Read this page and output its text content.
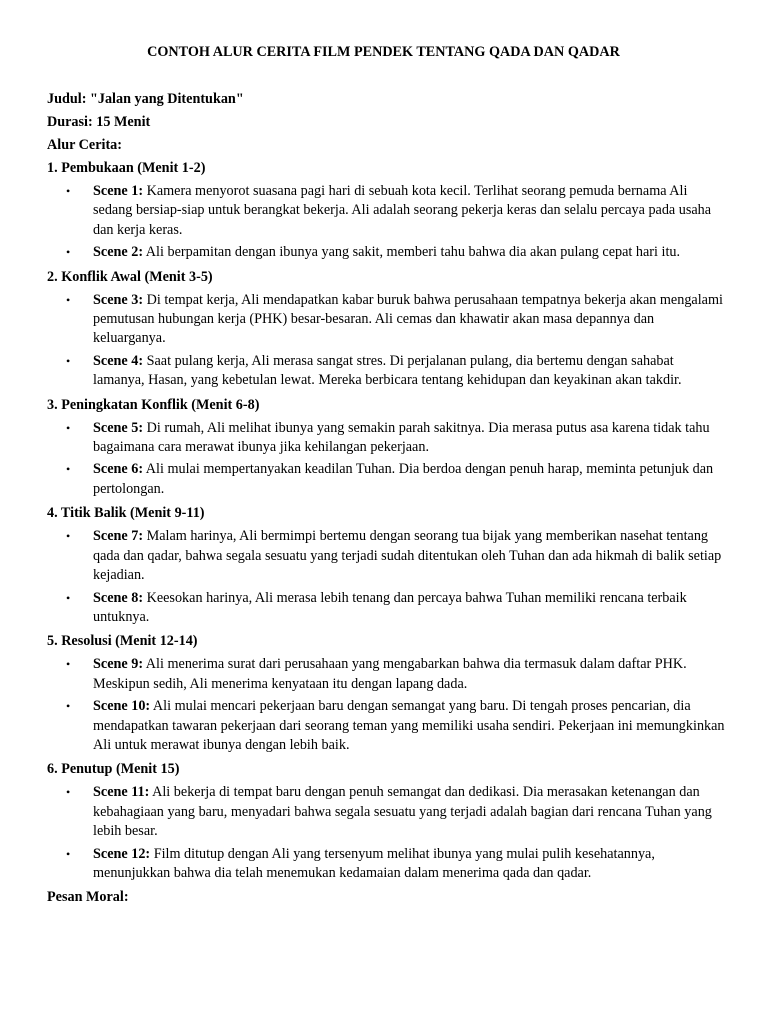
CONTOH ALUR CERITA FILM PENDEK TENTANG QADA DAN QADAR
Judul: "Jalan yang Ditentukan"
Durasi: 15 Menit
Alur Cerita:
1. Pembukaan (Menit 1-2)
• Scene 1: Kamera menyorot suasana pagi hari di sebuah kota kecil. Terlihat seorang pemuda bernama Ali sedang bersiap-siap untuk berangkat bekerja. Ali adalah seorang pekerja keras dan selalu percaya pada usaha dan kerja keras.
• Scene 2: Ali berpamitan dengan ibunya yang sakit, memberi tahu bahwa dia akan pulang cepat hari itu.
2. Konflik Awal (Menit 3-5)
• Scene 3: Di tempat kerja, Ali mendapatkan kabar buruk bahwa perusahaan tempatnya bekerja akan mengalami pemutusan hubungan kerja (PHK) besar-besaran. Ali cemas dan khawatir akan masa depannya dan keluarganya.
• Scene 4: Saat pulang kerja, Ali merasa sangat stres. Di perjalanan pulang, dia bertemu dengan sahabat lamanya, Hasan, yang kebetulan lewat. Mereka berbicara tentang kehidupan dan keyakinan akan takdir.
3. Peningkatan Konflik (Menit 6-8)
• Scene 5: Di rumah, Ali melihat ibunya yang semakin parah sakitnya. Dia merasa putus asa karena tidak tahu bagaimana cara merawat ibunya jika kehilangan pekerjaan.
• Scene 6: Ali mulai mempertanyakan keadilan Tuhan. Dia berdoa dengan penuh harap, meminta petunjuk dan pertolongan.
4. Titik Balik (Menit 9-11)
• Scene 7: Malam harinya, Ali bermimpi bertemu dengan seorang tua bijak yang memberikan nasehat tentang qada dan qadar, bahwa segala sesuatu yang terjadi sudah ditentukan oleh Tuhan dan ada hikmah di balik setiap kejadian.
• Scene 8: Keesokan harinya, Ali merasa lebih tenang dan percaya bahwa Tuhan memiliki rencana terbaik untuknya.
5. Resolusi (Menit 12-14)
• Scene 9: Ali menerima surat dari perusahaan yang mengabarkan bahwa dia termasuk dalam daftar PHK. Meskipun sedih, Ali menerima kenyataan itu dengan lapang dada.
• Scene 10: Ali mulai mencari pekerjaan baru dengan semangat yang baru. Di tengah proses pencarian, dia mendapatkan tawaran pekerjaan dari seorang teman yang memiliki usaha sendiri. Pekerjaan ini memungkinkan Ali untuk merawat ibunya dengan lebih baik.
6. Penutup (Menit 15)
• Scene 11: Ali bekerja di tempat baru dengan penuh semangat dan dedikasi. Dia merasakan ketenangan dan kebahagiaan yang baru, menyadari bahwa segala sesuatu yang terjadi adalah bagian dari rencana Tuhan yang lebih besar.
• Scene 12: Film ditutup dengan Ali yang tersenyum melihat ibunya yang mulai pulih kesehatannya, menunjukkan bahwa dia telah menemukan kedamaian dalam menerima qada dan qadar.
Pesan Moral:
